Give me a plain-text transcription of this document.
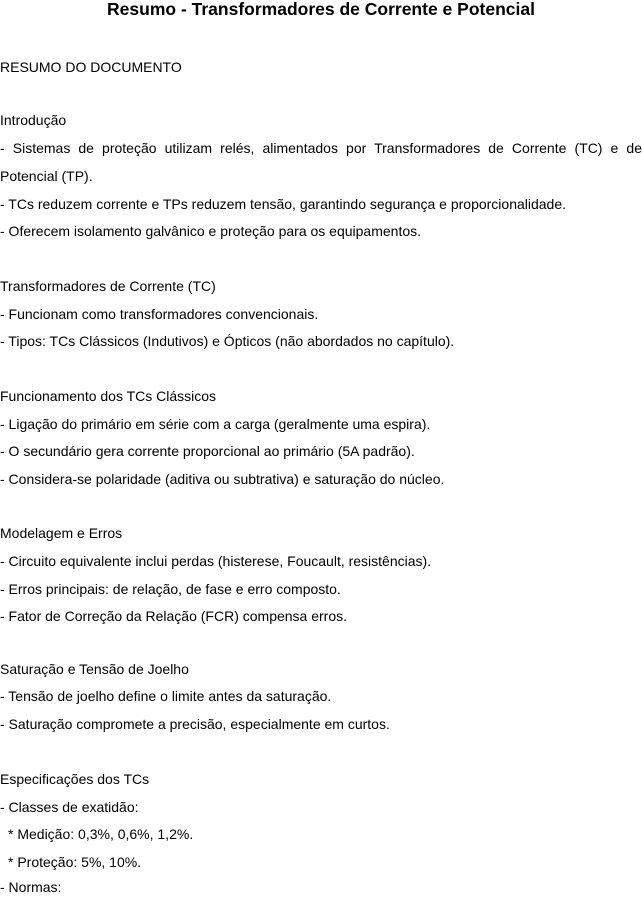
Resumo - Transformadores de Corrente e Potencial
RESUMO DO DOCUMENTO
Introdução
- Sistemas de proteção utilizam relés, alimentados por Transformadores de Corrente (TC) e de
Potencial (TP).
- TCs reduzem corrente e TPs reduzem tensão, garantindo segurança e proporcionalidade.
- Oferecem isolamento galvânico e proteção para os equipamentos.
Transformadores de Corrente (TC)
- Funcionam como transformadores convencionais.
- Tipos: TCs Clássicos (Indutivos) e Ópticos (não abordados no capítulo).
Funcionamento dos TCs Clássicos
- Ligação do primário em série com a carga (geralmente uma espira).
- O secundário gera corrente proporcional ao primário (5A padrão).
- Considera-se polaridade (aditiva ou subtrativa) e saturação do núcleo.
Modelagem e Erros
- Circuito equivalente inclui perdas (histerese, Foucault, resistências).
- Erros principais: de relação, de fase e erro composto.
- Fator de Correção da Relação (FCR) compensa erros.
Saturação e Tensão de Joelho
- Tensão de joelho define o limite antes da saturação.
- Saturação compromete a precisão, especialmente em curtos.
Especificações dos TCs
- Classes de exatidão:
* Medição: 0,3%, 0,6%, 1,2%.
* Proteção: 5%, 10%.
- Normas:
